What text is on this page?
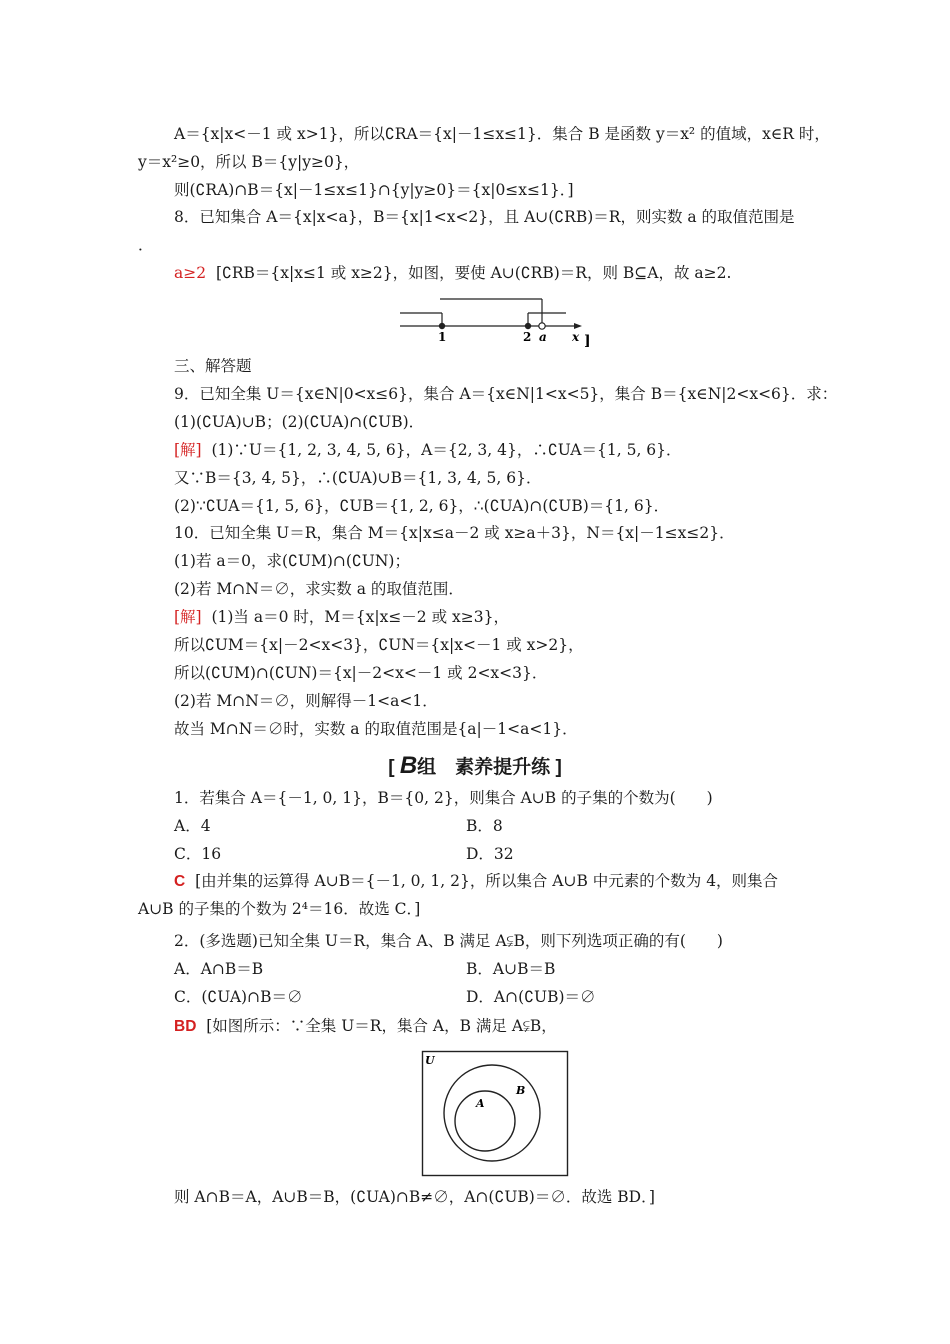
A＝{x|x<－1 或 x>1}，所以∁RA＝{x|－1≤x≤1}．集合 B 是函数 y＝x² 的值域，x∈R 时，
y＝x²≥0，所以 B＝{y|y≥0}，
则(∁RA)∩B＝{x|－1≤x≤1}∩{y|y≥0}＝{x|0≤x≤1}．]
8．已知集合 A＝{x|x<a}，B＝{x|1<x<2}，且 A∪(∁RB)＝R，则实数 a 的取值范围是
．
a≥2 [∁RB＝{x|x≤1 或 x≥2}，如图，要使 A∪(∁RB)＝R，则 B⊆A，故 a≥2.
1	2 a x ]
三、解答题
9．已知全集 U＝{x∈N|0<x≤6}，集合 A＝{x∈N|1<x<5}，集合 B＝{x∈N|2<x<6}．求：
(1)(∁UA)∪B；(2)(∁UA)∩(∁UB)．
[解] (1)∵U＝{1, 2, 3, 4, 5, 6}，A＝{2, 3, 4}，∴∁UA＝{1, 5, 6}．
又∵B＝{3, 4, 5}，∴(∁UA)∪B＝{1, 3, 4, 5, 6}．
(2)∵∁UA＝{1, 5, 6}，∁UB＝{1, 2, 6}，∴(∁UA)∩(∁UB)＝{1, 6}．
10．已知全集 U＝R，集合 M＝{x|x≤a－2 或 x≥a＋3}，N＝{x|－1≤x≤2}．
(1)若 a＝0，求(∁UM)∩(∁UN)；
(2)若 M∩N＝∅，求实数 a 的取值范围．
[解] (1)当 a＝0 时，M＝{x|x≤－2 或 x≥3}，
所以∁UM＝{x|－2<x<3}，∁UN＝{x|x<－1 或 x>2}，
所以(∁UM)∩(∁UN)＝{x|－2<x<－1 或 2<x<3}．
(2)若 M∩N＝∅，则解得－1<a<1．
故当 M∩N＝∅时，实数 a 的取值范围是{a|－1<a<1}．
[ B组　素养提升练 ]
1．若集合 A＝{－1, 0, 1}，B＝{0, 2}，则集合 A∪B 的子集的个数为(　　)
A．4	B．8
C．16	D．32
C [由并集的运算得 A∪B＝{－1, 0, 1, 2}，所以集合 A∪B 中元素的个数为 4，则集合
A∪B 的子集的个数为 2⁴＝16．故选 C．]
2．(多选题)已知全集 U＝R，集合 A、B 满足 A⫋B，则下列选项正确的有(　　)
A．A∩B＝B	B．A∪B＝B
C．(∁UA)∩B＝∅	D．A∩(∁UB)＝∅
BD [如图所示：∵全集 U＝R，集合 A，B 满足 A⫋B，
U
A
B
则 A∩B＝A，A∪B＝B，(∁UA)∩B≠∅，A∩(∁UB)＝∅．故选 BD．]
